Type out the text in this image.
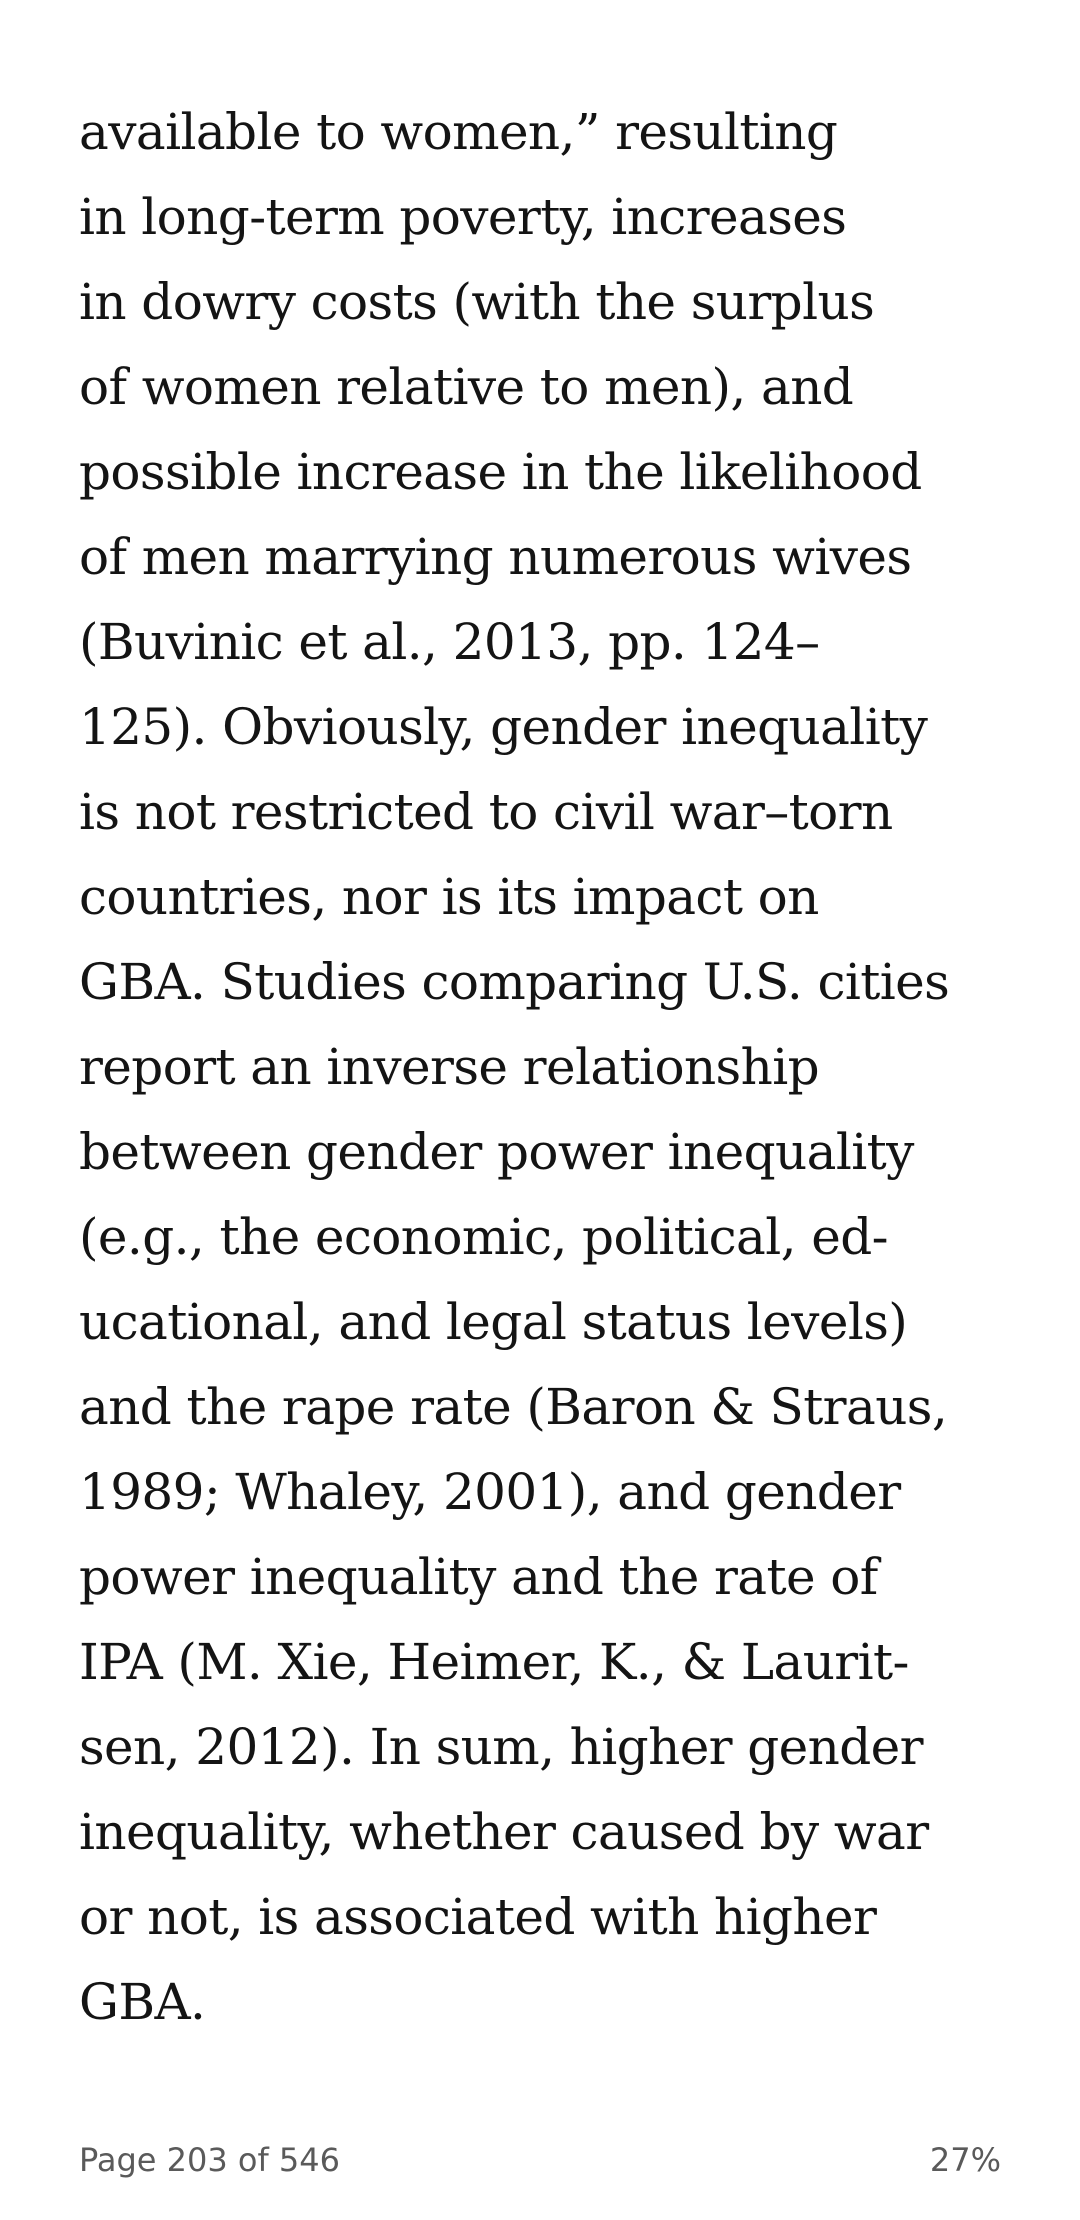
available to women,” resulting
in long-term poverty, increases
in dowry costs (with the surplus
of women relative to men), and
possible increase in the likelihood
of men marrying numerous wives
(Buvinic et al., 2013, pp. 124–
125). Obviously, gender inequality
is not restricted to civil war–torn
countries, nor is its impact on
GBA. Studies comparing U.S. cities
report an inverse relationship
between gender power inequality
(e.g., the economic, political, ed-
ucational, and legal status levels)
and the rape rate (Baron & Straus,
1989; Whaley, 2001), and gender
power inequality and the rate of
IPA (M. Xie, Heimer, K., & Laurit-
sen, 2012). In sum, higher gender
inequality, whether caused by war
or not, is associated with higher
GBA.
Page 203 of 546	27%
